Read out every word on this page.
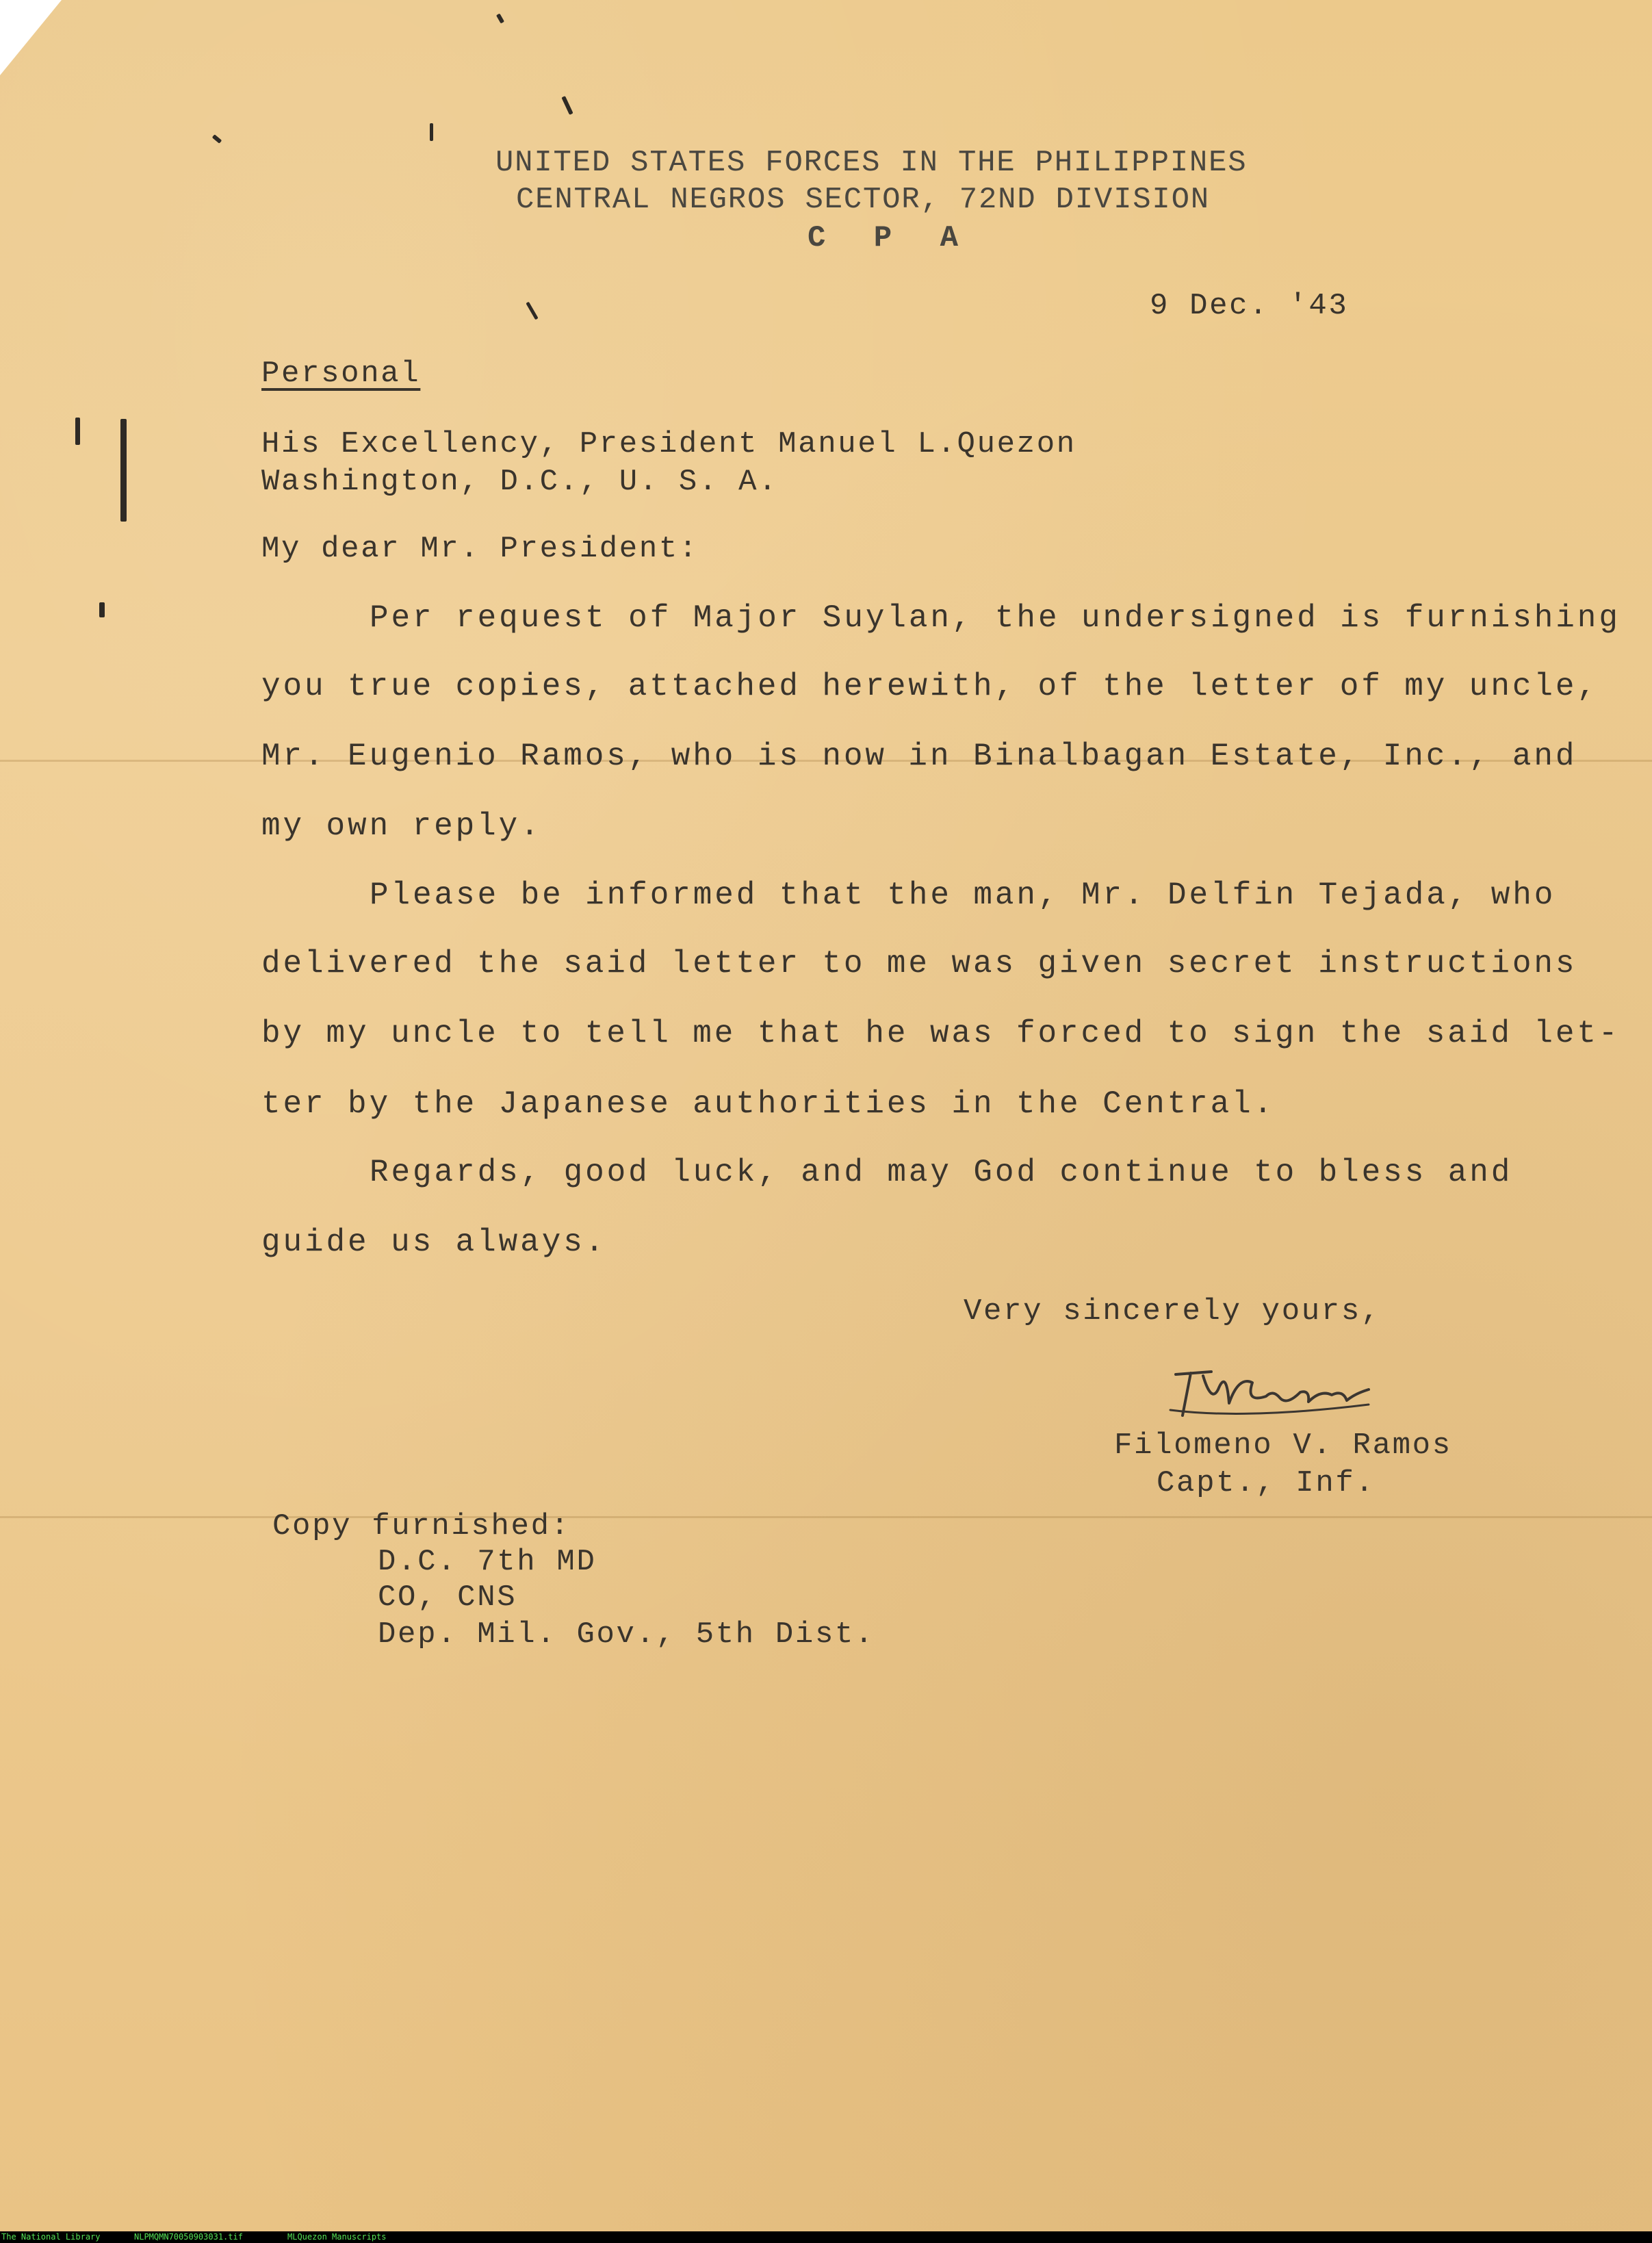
UNITED STATES FORCES IN THE PHILIPPINES
CENTRAL NEGROS SECTOR, 72ND DIVISION
C P A
9 Dec. '43
Personal
His Excellency, President Manuel L.Quezon
Washington, D.C., U. S. A.
My dear Mr. President:
Per request of Major Suylan, the undersigned is furnishing
you true copies, attached herewith, of the letter of my uncle,
Mr. Eugenio Ramos, who is now in Binalbagan Estate, Inc., and
my own reply.
Please be informed that the man, Mr. Delfin Tejada, who
delivered the said letter to me was given secret instructions
by my uncle to tell me that he was forced to sign the said let-
ter by the Japanese authorities in the Central.
Regards, good luck, and may God continue to bless and
guide us always.
Very sincerely yours,
Filomeno V. Ramos
Capt., Inf.
Copy furnished:
D.C. 7th MD
CO, CNS
Dep. Mil. Gov., 5th Dist.
The National Library	NLPMQMN70050903031.tif	MLQuezon Manuscripts
